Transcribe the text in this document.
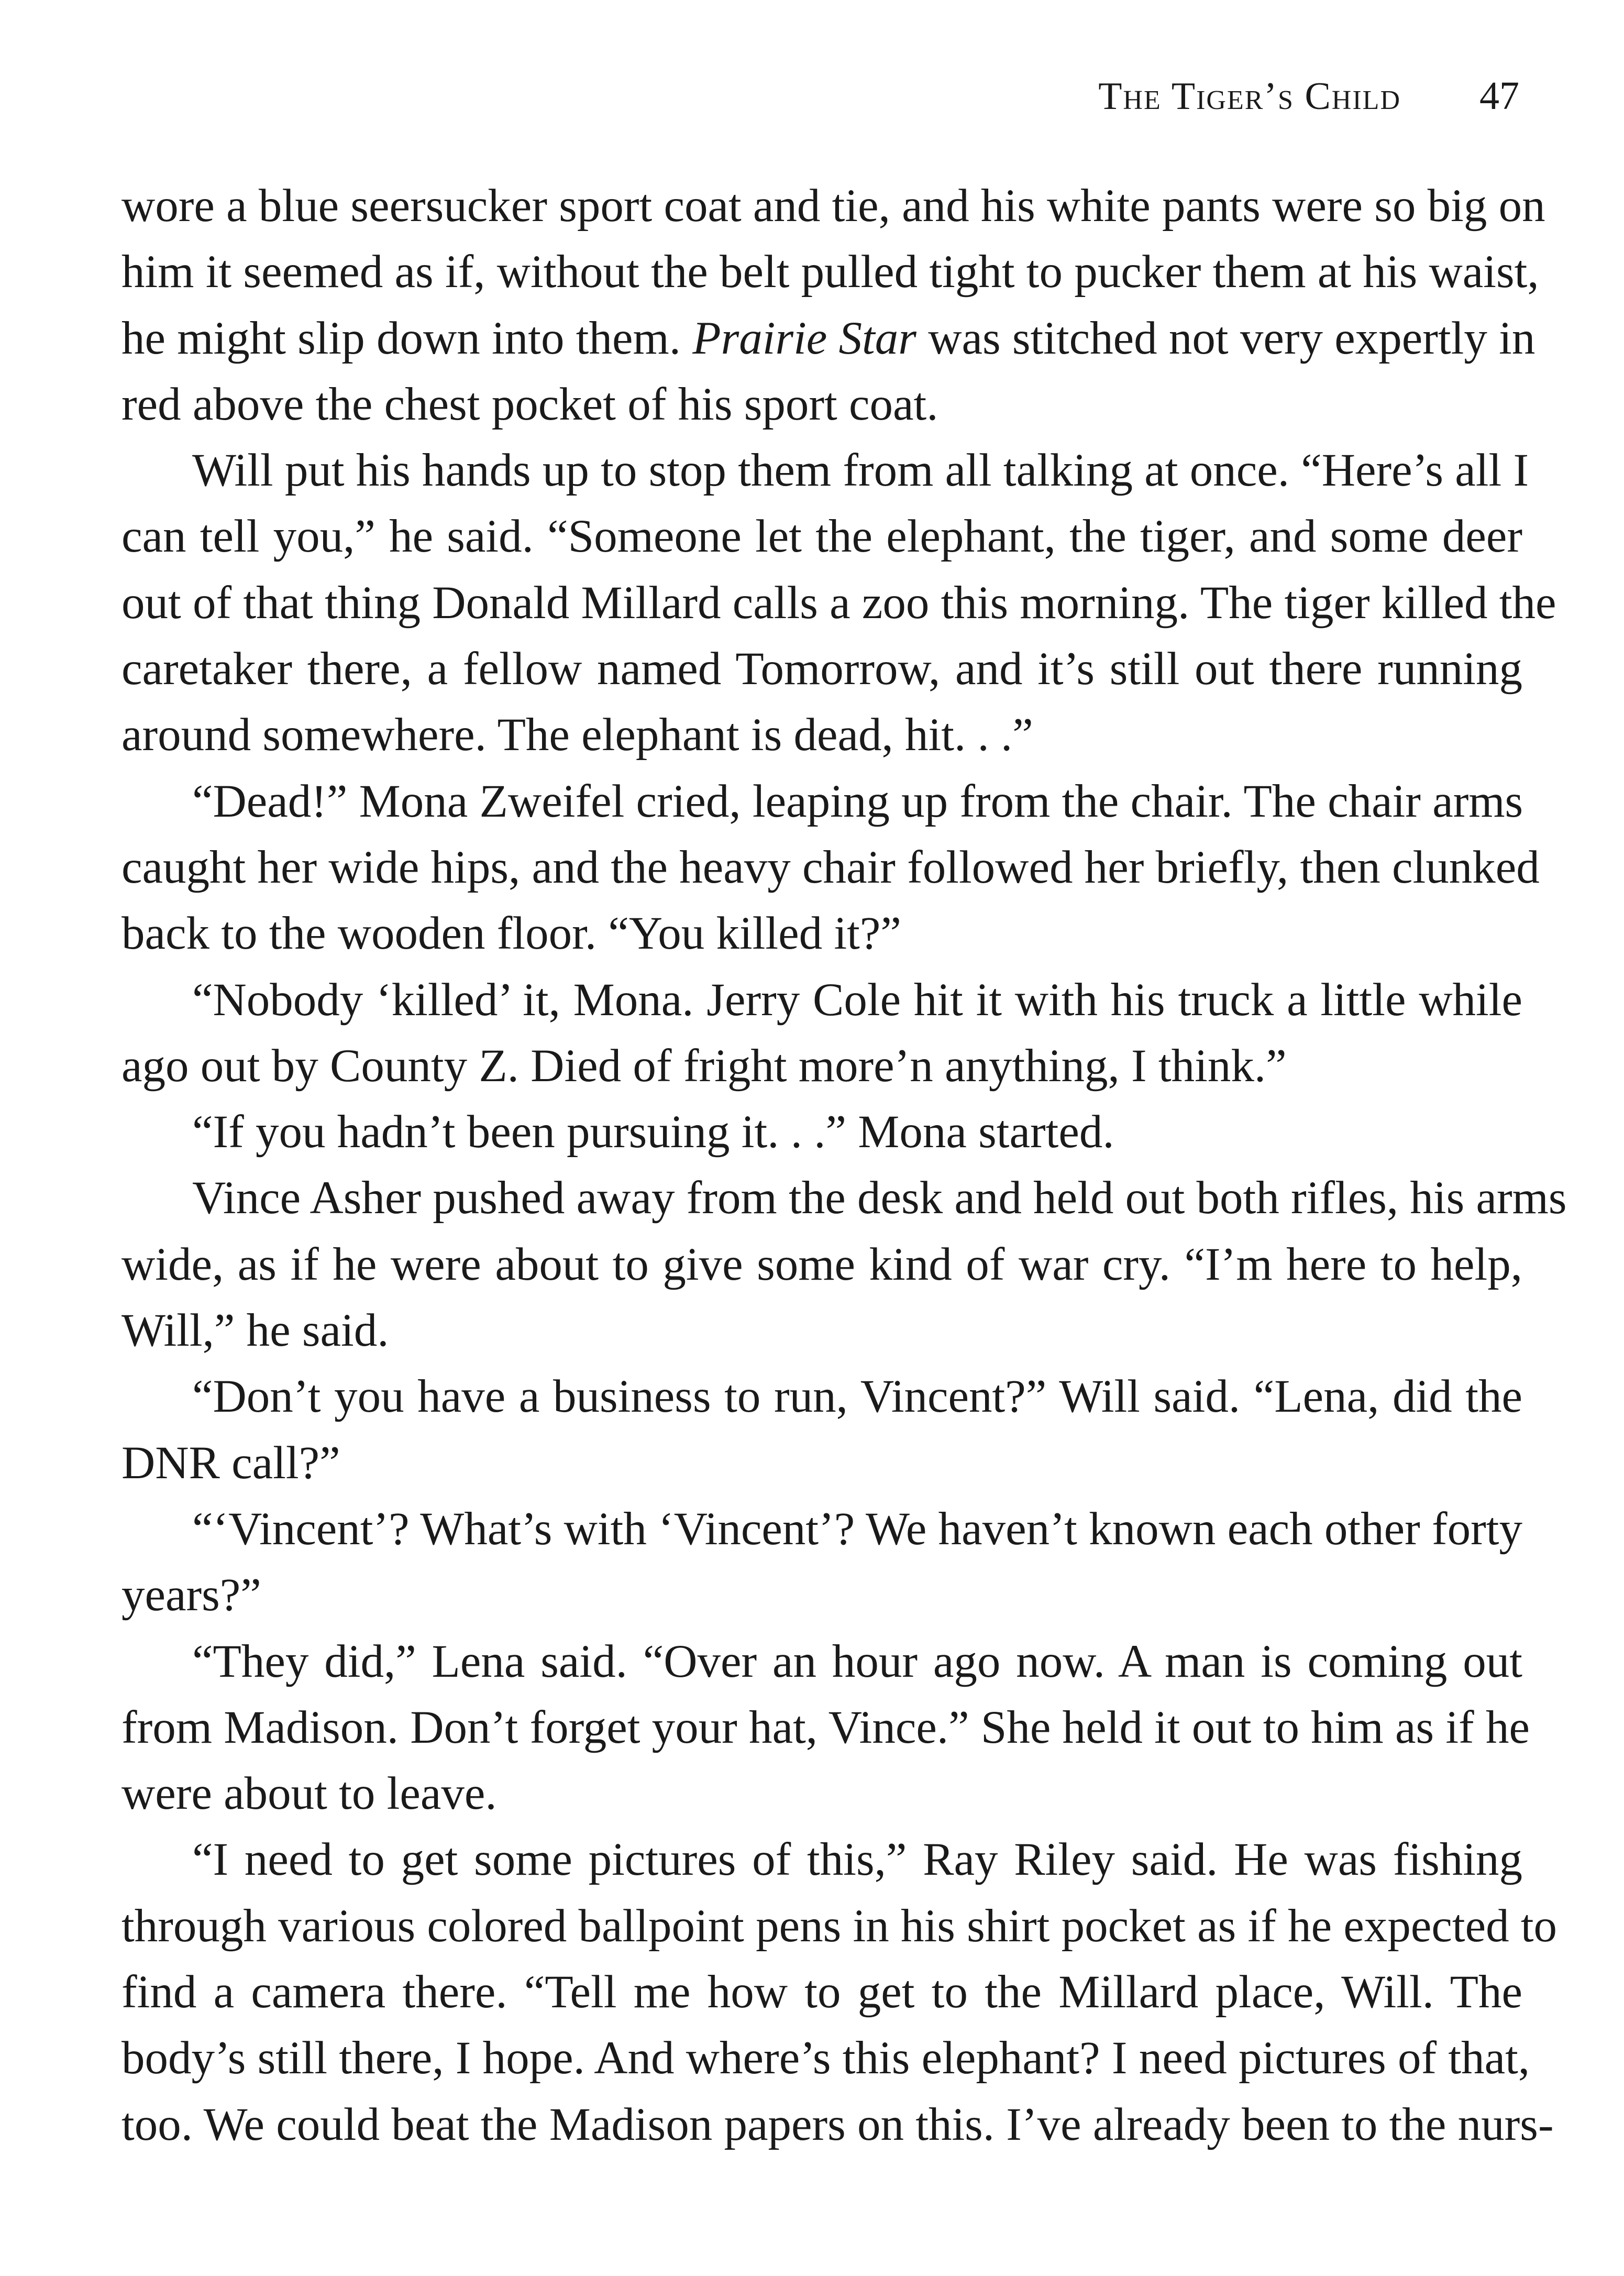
The Tiger’s Child 47
wore a blue seersucker sport coat and tie, and his white pants were so big on
him it seemed as if, without the belt pulled tight to pucker them at his waist,
he might slip down into them. Prairie Star was stitched not very expertly in
red above the chest pocket of his sport coat.
Will put his hands up to stop them from all talking at once. “Here’s all I
can tell you,” he said. “Someone let the elephant, the tiger, and some deer
out of that thing Donald Millard calls a zoo this morning. The tiger killed the
caretaker there, a fellow named Tomorrow, and it’s still out there running
around somewhere. The elephant is dead, hit. . .”
“Dead!” Mona Zweifel cried, leaping up from the chair. The chair arms
caught her wide hips, and the heavy chair followed her briefly, then clunked
back to the wooden floor. “You killed it?”
“Nobody ‘killed’ it, Mona. Jerry Cole hit it with his truck a little while
ago out by County Z. Died of fright more’n anything, I think.”
“If you hadn’t been pursuing it. . .” Mona started.
Vince Asher pushed away from the desk and held out both rifles, his arms
wide, as if he were about to give some kind of war cry. “I’m here to help,
Will,” he said.
“Don’t you have a business to run, Vincent?” Will said. “Lena, did the
DNR call?”
“‘Vincent’? What’s with ‘Vincent’? We haven’t known each other forty
years?”
“They did,” Lena said. “Over an hour ago now. A man is coming out
from Madison. Don’t forget your hat, Vince.” She held it out to him as if he
were about to leave.
“I need to get some pictures of this,” Ray Riley said. He was fishing
through various colored ballpoint pens in his shirt pocket as if he expected to
find a camera there. “Tell me how to get to the Millard place, Will. The
body’s still there, I hope. And where’s this elephant? I need pictures of that,
too. We could beat the Madison papers on this. I’ve already been to the nurs-
